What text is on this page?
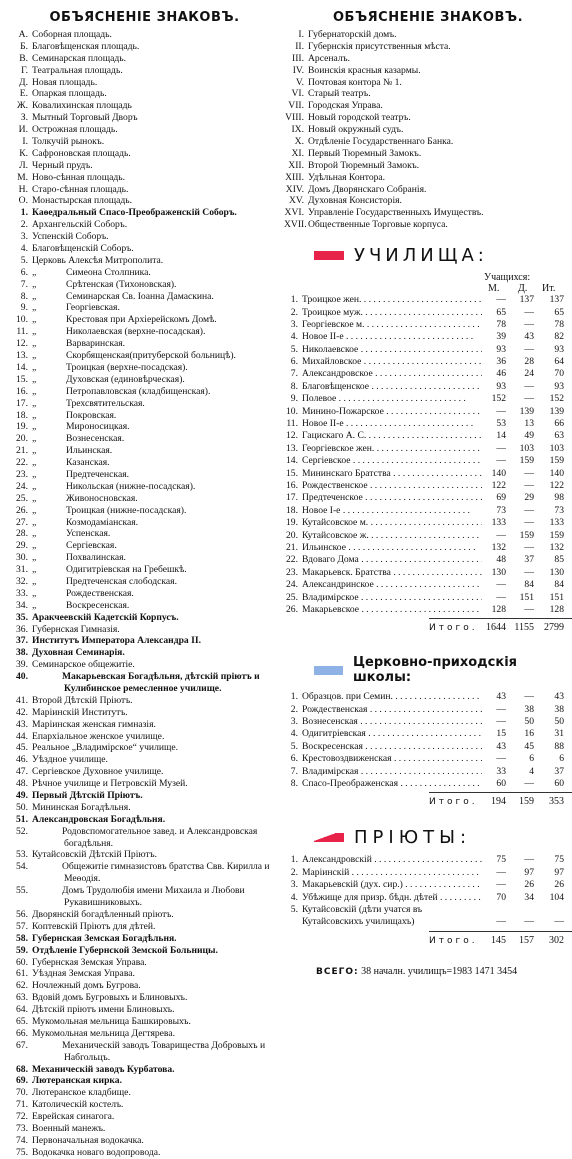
ОБЪЯСНЕНІЕ ЗНАКОВЪ.
А. Соборная площадь.
Б. Благовѣщенская площадь.
В. Семинарская площадь.
Г. Театральная площадь.
Д. Новая площадь.
Е. Опаркая площадь.
Ж. Ковалихинская площадь
З. Мытный Торговый Дворъ
И. Острожная площадь.
І. Толкучій рынокъ.
К. Сафроновская площадь.
Л. Черный прудъ.
М. Ново-сѣнная площадь.
Н. Старо-сѣнная площадь.
О. Монастырская площадь.
1. Каѳедральный Спасо-Преображенскій Соборъ.
2. Архангельскій Соборъ.
3. Успенскій Соборъ.
4. Благовѣщенскій Соборъ.
5. Церковь Алексѣя Митрополита.
6. „	Симеона Столпника.
7. „	Срѣтенская (Тихоновская).
8. „	Семинарская Св. Іоанна Дамаскина.
9. „	Георгіевская.
10. „	Крестовая при Архіерейскомъ Домѣ.
11. „	Николаевская (верхне-посадская).
12. „	Варваринская.
13. „	Скорбященская(притуберской больницѣ).
14. „	Троицкая (верхне-посадская).
15. „	Духовская (единовѣрческая).
16. „	Петропавловская (кладбищенская).
17. „	Трехсвятительская.
18. „	Покровская.
19. „	Мироносицкая.
20. „	Вознесенская.
21. „	Ильинская.
22. „	Казанская.
23. „	Предтеченская.
24. „	Никольская (нижне-посадская).
25. „	Живоносновская.
26. „	Троицкая (нижне-посадская).
27. „	Козмодамiанская.
28. „	Успенская.
29. „	Сергіевская.
30. „	Похвалинская.
31. „	Одигитріевская на Гребешкѣ.
32. „	Предтеченская слободская.
33. „	Рождественская.
34. „	Воскресенская.
35. Аракчеевскій Кадетскій Корпусъ.
36. Губернская Гимназія.
37. Институтъ Императора Александра II.
38. Духовная Семинарія.
39. Семинарское общежитіе.
40.	Макарьевская Богадѣльня, дѣтскій пріютъ и Кулибинское ремесленное училище.
41. Второй Дѣтскій Пріютъ.
42. Маріинскій Институтъ.
43. Маріинская женская гимназія.
44. Епархіальное женское училище.
45. Реальное „Владимірское“ училище.
46. Уѣздное училище.
47. Сергіевское Духовное училище.
48. Рѣчное училище и Петровскій Музей.
49. Первый Дѣтскій Пріютъ.
50. Мининская Богадѣльня.
51. Александровская Богадѣльня.
52.	Родовспомогательное завед. и Александровская богадѣльня.
53. Кутайсовскій Дѣтскій Пріютъ.
54.	Общежитіе гимназистовъ братства Свв. Кирилла и Меѳодія.
55.	Домъ Трудолюбія имени Михаила и Любови Рукавишниковыхъ.
56. Дворянскій богадѣленный пріютъ.
57. Коптевскій Пріютъ для дѣтей.
58. Губернская Земская Богадѣльня.
59. Отдѣленіе Губернской Земской Больницы.
60. Губернская Земская Управа.
61. Уѣздная Земская Управа.
62. Ночлежный домъ Бугрова.
63. Вдовій домъ Бугровыхъ и Блиновыхъ.
64. Дѣтскій пріютъ имени Блиновыхъ.
65. Мукомольная мельница Башкировыхъ.
66. Мукомольная мельница Дегтярева.
67.	Механическій заводъ Товарищества Добровыхъ и Набгольцъ.
68. Механическій заводъ Курбатова.
69. Лютеранская кирка.
70. Лютеранское кладбище.
71. Католическій костелъ.
72. Еврейская синагога.
73. Военный манежъ.
74. Первоначальная водокачка.
75. Водокачка новаго водопровода.
ОБЪЯСНЕНІЕ ЗНАКОВЪ.
I. Губернаторскій домъ.
II. Губернскія присутственныя мѣста.
III. Арсеналъ.
IV. Воинскія красныя казармы.
V. Почтовая контора № 1.
VI. Старый театръ.
VII. Городская Управа.
VIII. Новый городской театръ.
IX. Новый окружный судъ.
X. Отдѣленіе Государственнаго Банка.
XI. Первый Тюремный Замокъ.
XII. Второй Тюремный Замокъ.
XIII. Удѣльная Контора.
XIV. Домъ Дворянскаго Собранія.
XV. Духовная Консисторія.
XVI. Управленіе Государственныхъ Имуществъ.
XVII. Общественные Торговые корпуса.
УЧИЛИЩА:
Учащихся:
М. Д. Ит.
1. Троицкое жен. . . .	—	137	137
2. Троицкое муж. . . .	65	—	65
3. Георгіевское м. . . .	78	—	78
4. Новое II-е . . .	39	43	82
5. Николаевское . . .	93	—	93
6. Михайловское . . .	36	28	64
7. Александровское . . .	46	24	70
8. Благовѣщенское . . .	93	—	93
9. Полевое . . .	152	—	152
10. Минино-Пожарское . . .	—	139	139
11. Новое II-е . . .	53	13	66
12. Гацискаго А. С. . . .	14	49	63
13. Георгіевское жен. . . .	—	103	103
14. Сергіевское . . .	—	159	159
15. Мининскаго Братства . . .	140	—	140
16. Рождественское . . .	122	—	122
17. Предтеченское . . .	69	29	98
18. Новое I-е . . .	73	—	73
19. Кутайсовское м. . . .	133	—	133
20. Кутайсовское ж. . . .	—	159	159
21. Ильинское . . .	132	—	132
22. Вдоваго Дома . . .	48	37	85
23. Макарьевск. Братства . . .	130	—	130
24. Александринское . . .	—	84	84
25. Владимірское . . .	—	151	151
26. Макарьевское . . .	128	—	128
Итого. 1644 1155	2799
Церковно-приходскія школы:
1. Образцов. при Семин. . . .	43	—	43
2. Рождественская . . .	—	38	38
3. Вознесенская . . .	—	50	50
4. Одигитріевская . . .	15	16	31
5. Воскресенская . . .	43	45	88
6. Крестовоздвиженская . . .	—	6	6
7. Владимірская . . .	33	4	37
8. Спасо-Преображенская . . .	60	—	60
Итого.	194	159	353
ПРІЮТЫ:
1. Александровскій . . .	75	—	75
2. Маріинскій . . .	—	97	97
3. Макарьевскій (дух. сир.) . . .	—	26	26
4. Убѣжище для призр. бѣдн. дѣтей . . .	70	34	104
5. Кутайсовскій (дѣти учатся въ Кутайсовскихъ училищахъ)	—	—	—
Итого.	145	157	302
ВСЕГО: 38 началн. училищъ=1983 1471 3454
